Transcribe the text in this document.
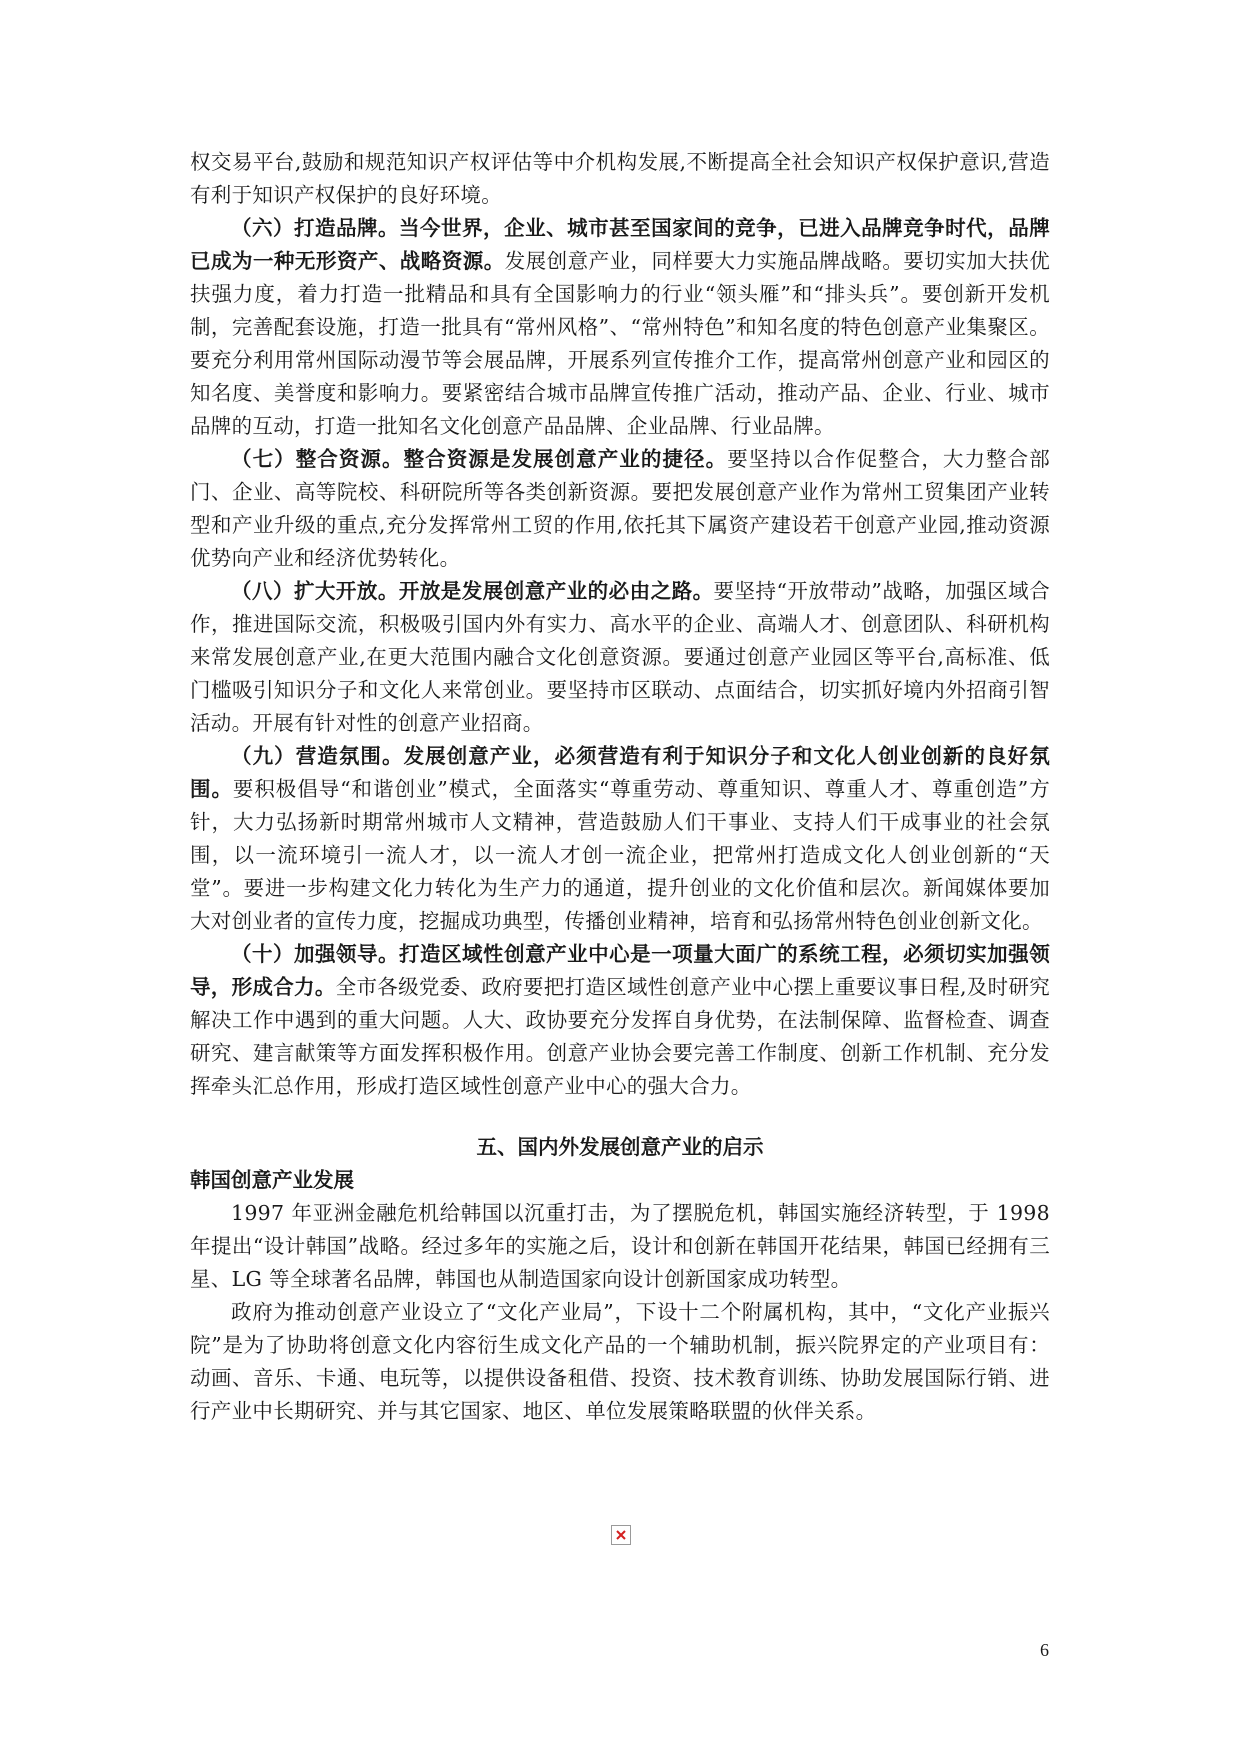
权交易平台,鼓励和规范知识产权评估等中介机构发展,不断提高全社会知识产权保护意识,营造有利于知识产权保护的良好环境。

（六）打造品牌。当今世界，企业、城市甚至国家间的竞争，已进入品牌竞争时代，品牌已成为一种无形资产、战略资源。发展创意产业，同样要大力实施品牌战略。要切实加大扶优扶强力度，着力打造一批精品和具有全国影响力的行业“领头雁”和“排头兵”。要创新开发机制，完善配套设施，打造一批具有“常州风格”、“常州特色”和知名度的特色创意产业集聚区。要充分利用常州国际动漫节等会展品牌，开展系列宣传推介工作，提高常州创意产业和园区的知名度、美誉度和影响力。要紧密结合城市品牌宣传推广活动，推动产品、企业、行业、城市品牌的互动，打造一批知名文化创意产品品牌、企业品牌、行业品牌。

（七）整合资源。整合资源是发展创意产业的捷径。要坚持以合作促整合，大力整合部门、企业、高等院校、科研院所等各类创新资源。要把发展创意产业作为常州工贸集团产业转型和产业升级的重点,充分发挥常州工贸的作用,依托其下属资产建设若干创意产业园,推动资源优势向产业和经济优势转化。

（八）扩大开放。开放是发展创意产业的必由之路。要坚持“开放带动”战略，加强区域合作，推进国际交流，积极吸引国内外有实力、高水平的企业、高端人才、创意团队、科研机构来常发展创意产业,在更大范围内融合文化创意资源。要通过创意产业园区等平台,高标准、低门槛吸引知识分子和文化人来常创业。要坚持市区联动、点面结合，切实抓好境内外招商引智活动。开展有针对性的创意产业招商。

（九）营造氛围。发展创意产业，必须营造有利于知识分子和文化人创业创新的良好氛围。要积极倡导“和谐创业”模式，全面落实“尊重劳动、尊重知识、尊重人才、尊重创造”方针，大力弘扬新时期常州城市人文精神，营造鼓励人们干事业、支持人们干成事业的社会氛围，以一流环境引一流人才，以一流人才创一流企业，把常州打造成文化人创业创新的“天堂”。要进一步构建文化力转化为生产力的通道，提升创业的文化价值和层次。新闻媒体要加大对创业者的宣传力度，挖掘成功典型，传播创业精神，培育和弘扬常州特色创业创新文化。

（十）加强领导。打造区域性创意产业中心是一项量大面广的系统工程，必须切实加强领导，形成合力。全市各级党委、政府要把打造区域性创意产业中心摆上重要议事日程,及时研究解决工作中遇到的重大问题。人大、政协要充分发挥自身优势，在法制保障、监督检查、调查研究、建言献策等方面发挥积极作用。创意产业协会要完善工作制度、创新工作机制、充分发挥牵头汇总作用，形成打造区域性创意产业中心的强大合力。

五、国内外发展创意产业的启示
韩国创意产业发展

1997 年亚洲金融危机给韩国以沉重打击，为了摆脱危机，韩国实施经济转型，于 1998 年提出“设计韩国”战略。经过多年的实施之后，设计和创新在韩国开花结果，韩国已经拥有三星、LG 等全球著名品牌，韩国也从制造国家向设计创新国家成功转型。

政府为推动创意产业设立了“文化产业局”，下设十二个附属机构，其中，“文化产业振兴院”是为了协助将创意文化内容衍生成文化产品的一个辅助机制，振兴院界定的产业项目有：动画、音乐、卡通、电玩等，以提供设备租借、投资、技术教育训练、协助发展国际行销、进行产业中长期研究、并与其它国家、地区、单位发展策略联盟的伙伴关系。

6
